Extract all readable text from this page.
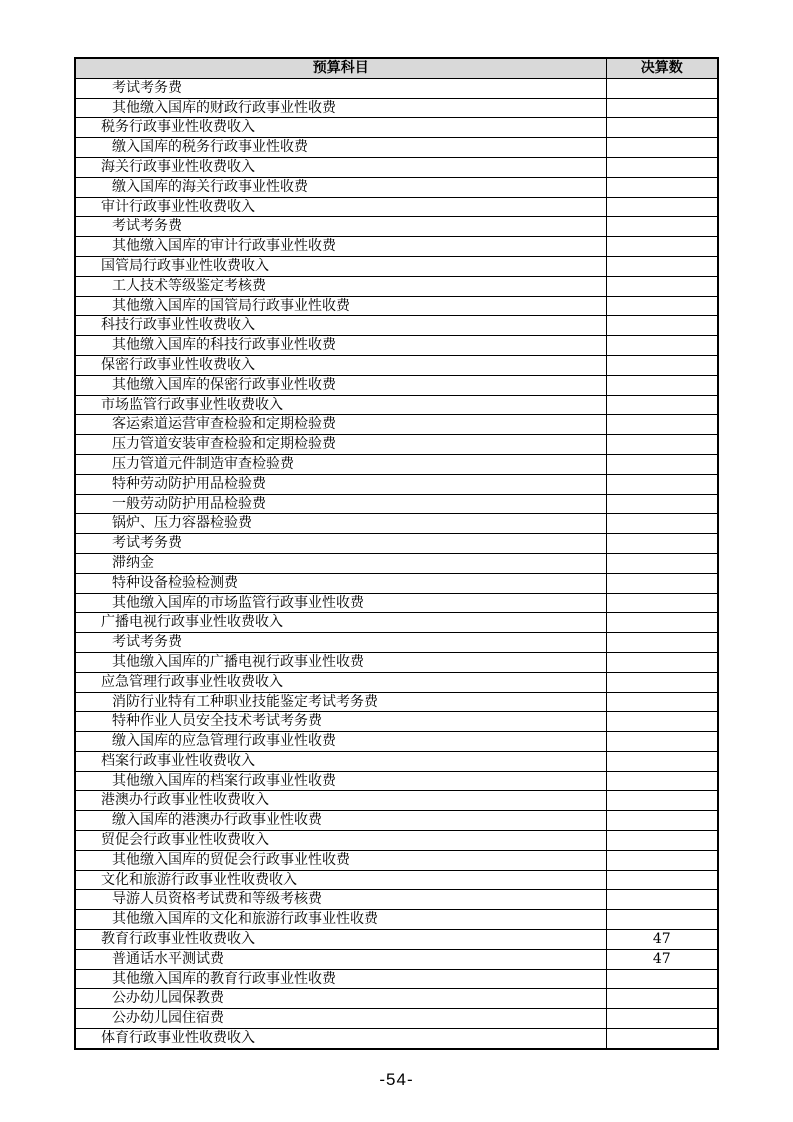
预算科目	决算数
考试考务费	
其他缴入国库的财政行政事业性收费	
税务行政事业性收费收入	
缴入国库的税务行政事业性收费	
海关行政事业性收费收入	
缴入国库的海关行政事业性收费	
审计行政事业性收费收入	
考试考务费	
其他缴入国库的审计行政事业性收费	
国管局行政事业性收费收入	
工人技术等级鉴定考核费	
其他缴入国库的国管局行政事业性收费	
科技行政事业性收费收入	
其他缴入国库的科技行政事业性收费	
保密行政事业性收费收入	
其他缴入国库的保密行政事业性收费	
市场监管行政事业性收费收入	
客运索道运营审查检验和定期检验费	
压力管道安装审查检验和定期检验费	
压力管道元件制造审查检验费	
特种劳动防护用品检验费	
一般劳动防护用品检验费	
锅炉、压力容器检验费	
考试考务费	
滞纳金	
特种设备检验检测费	
其他缴入国库的市场监管行政事业性收费	
广播电视行政事业性收费收入	
考试考务费	
其他缴入国库的广播电视行政事业性收费	
应急管理行政事业性收费收入	
消防行业特有工种职业技能鉴定考试考务费	
特种作业人员安全技术考试考务费	
缴入国库的应急管理行政事业性收费	
档案行政事业性收费收入	
其他缴入国库的档案行政事业性收费	
港澳办行政事业性收费收入	
缴入国库的港澳办行政事业性收费	
贸促会行政事业性收费收入	
其他缴入国库的贸促会行政事业性收费	
文化和旅游行政事业性收费收入	
导游人员资格考试费和等级考核费	
其他缴入国库的文化和旅游行政事业性收费	
教育行政事业性收费收入	47
普通话水平测试费	47
其他缴入国库的教育行政事业性收费	
公办幼儿园保教费	
公办幼儿园住宿费	
体育行政事业性收费收入	
-54-
